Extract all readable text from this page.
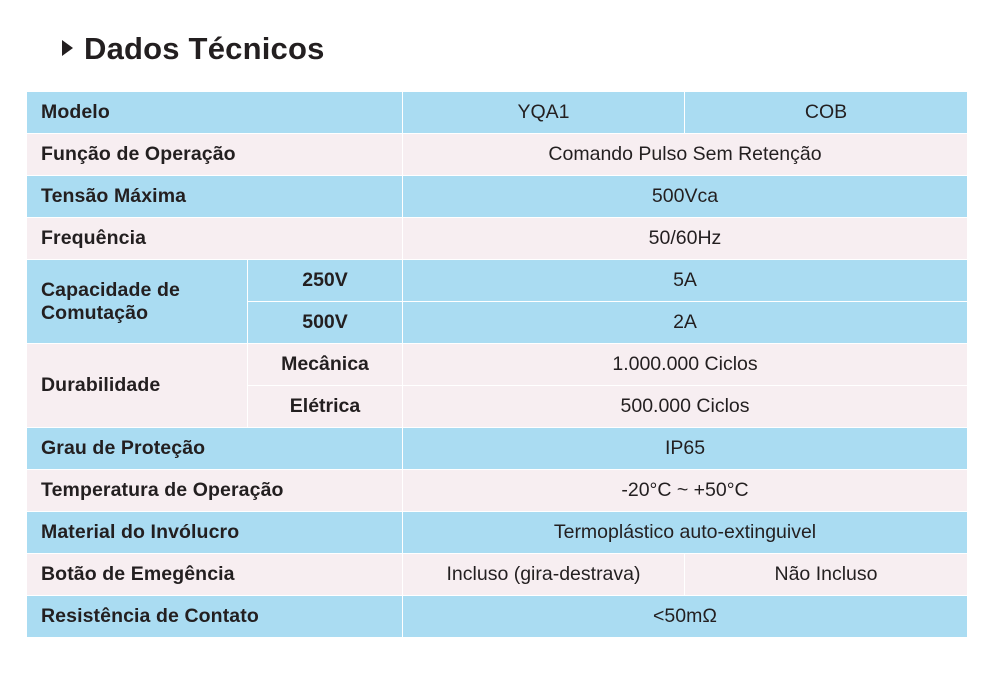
Dados Técnicos
Modelo		YQA1	COB
Função de Operação		Comando Pulso Sem Retenção	
Tensão Máxima		500Vca	
Frequência		50/60Hz	
Capacidade de Comutação	250V	5A	
	500V	2A	
Durabilidade	Mecânica	1.000.000 Ciclos	
	Elétrica	500.000 Ciclos	
Grau de Proteção		IP65	
Temperatura de Operação		-20°C ~ +50°C	
Material do Invólucro		Termoplástico auto-extinguivel	
Botão de Emegência		Incluso (gira-destrava)	Não Incluso
Resistência de Contato		<50mΩ	
